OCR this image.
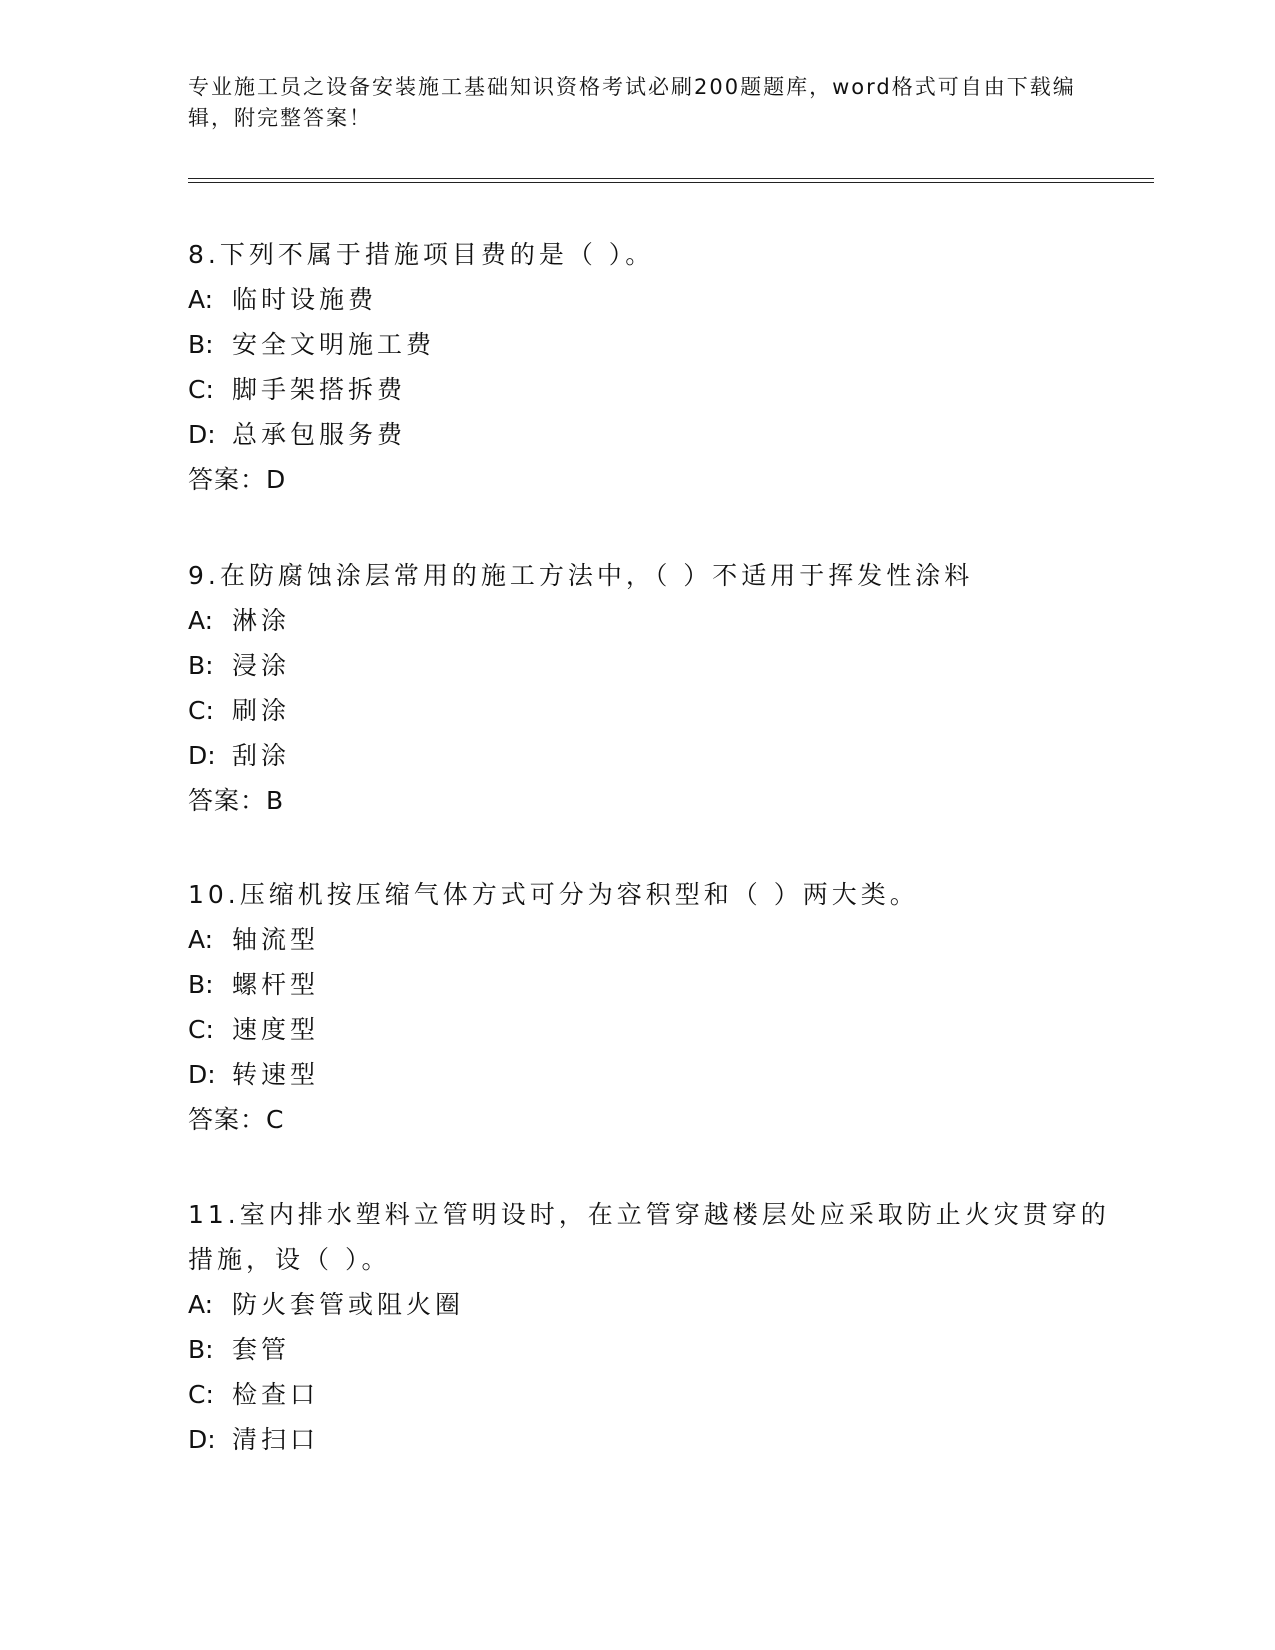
专业施工员之设备安装施工基础知识资格考试必刷200题题库，word格式可自由下载编辑，附完整答案！

8.下列不属于措施项目费的是（ ）。

A: 临时设施费

B: 安全文明施工费

C: 脚手架搭拆费

D: 总承包服务费

答案：D

9.在防腐蚀涂层常用的施工方法中，（ ）不适用于挥发性涂料

A: 淋涂

B: 浸涂

C: 刷涂

D: 刮涂

答案：B

10.压缩机按压缩气体方式可分为容积型和（ ）两大类。

A: 轴流型

B: 螺杆型

C: 速度型

D: 转速型

答案：C

11.室内排水塑料立管明设时，在立管穿越楼层处应采取防止火灾贯穿的措施，设（ ）。

A: 防火套管或阻火圈

B: 套管

C: 检查口

D: 清扫口
